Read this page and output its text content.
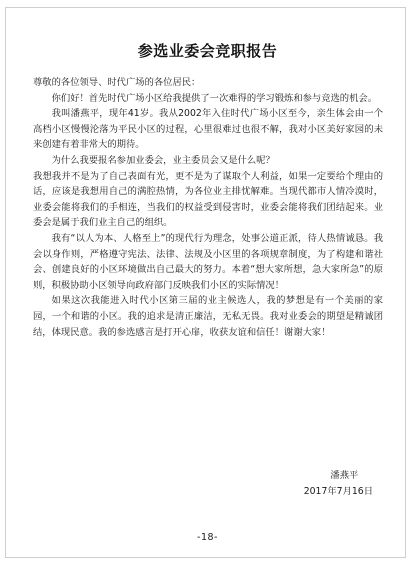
参选业委会竞职报告

尊敬的各位领导、时代广场的各位居民：

你们好！首先时代广场小区给我提供了一次难得的学习锻炼和参与竞选的机会。

我叫潘燕平，现年41岁。我从2002年入住时代广场小区至今，亲生体会由一个高档小区慢慢沦落为平民小区的过程，心里很难过也很不解，我对小区美好家园的未来创建有着非常大的期待。

为什么我要报名参加业委会，业主委员会又是什么呢？

我想我并不是为了自己表面有光，更不是为了谋取个人利益，如果一定要给个理由的话，应该是我想用自己的满腔热情，为各位业主排忧解难。当现代都市人情冷漠时，业委会能将我们的手相连，当我们的权益受到侵害时，业委会能将我们团结起来。业委会是属于我们业主自己的组织。

我有“以人为本、人格至上”的现代行为理念，处事公道正派，待人热情诚恳。我会以身作则，严格遵守宪法、法律、法规及小区里的各项规章制度，为了构建和谐社会、创建良好的小区环境做出自己最大的努力。本着“想大家所想，急大家所急”的原则，积极协助小区领导向政府部门反映我们小区的实际情况！

如果这次我能进入时代小区第三届的业主候选人，我的梦想是有一个美丽的家园，一个和谐的小区。我的追求是清正廉洁，无私无畏。我对业委会的期望是精诚团结，体现民意。我的参选感言是打开心扉，收获友谊和信任！谢谢大家！

潘燕平
2017年7月16日
-18-
